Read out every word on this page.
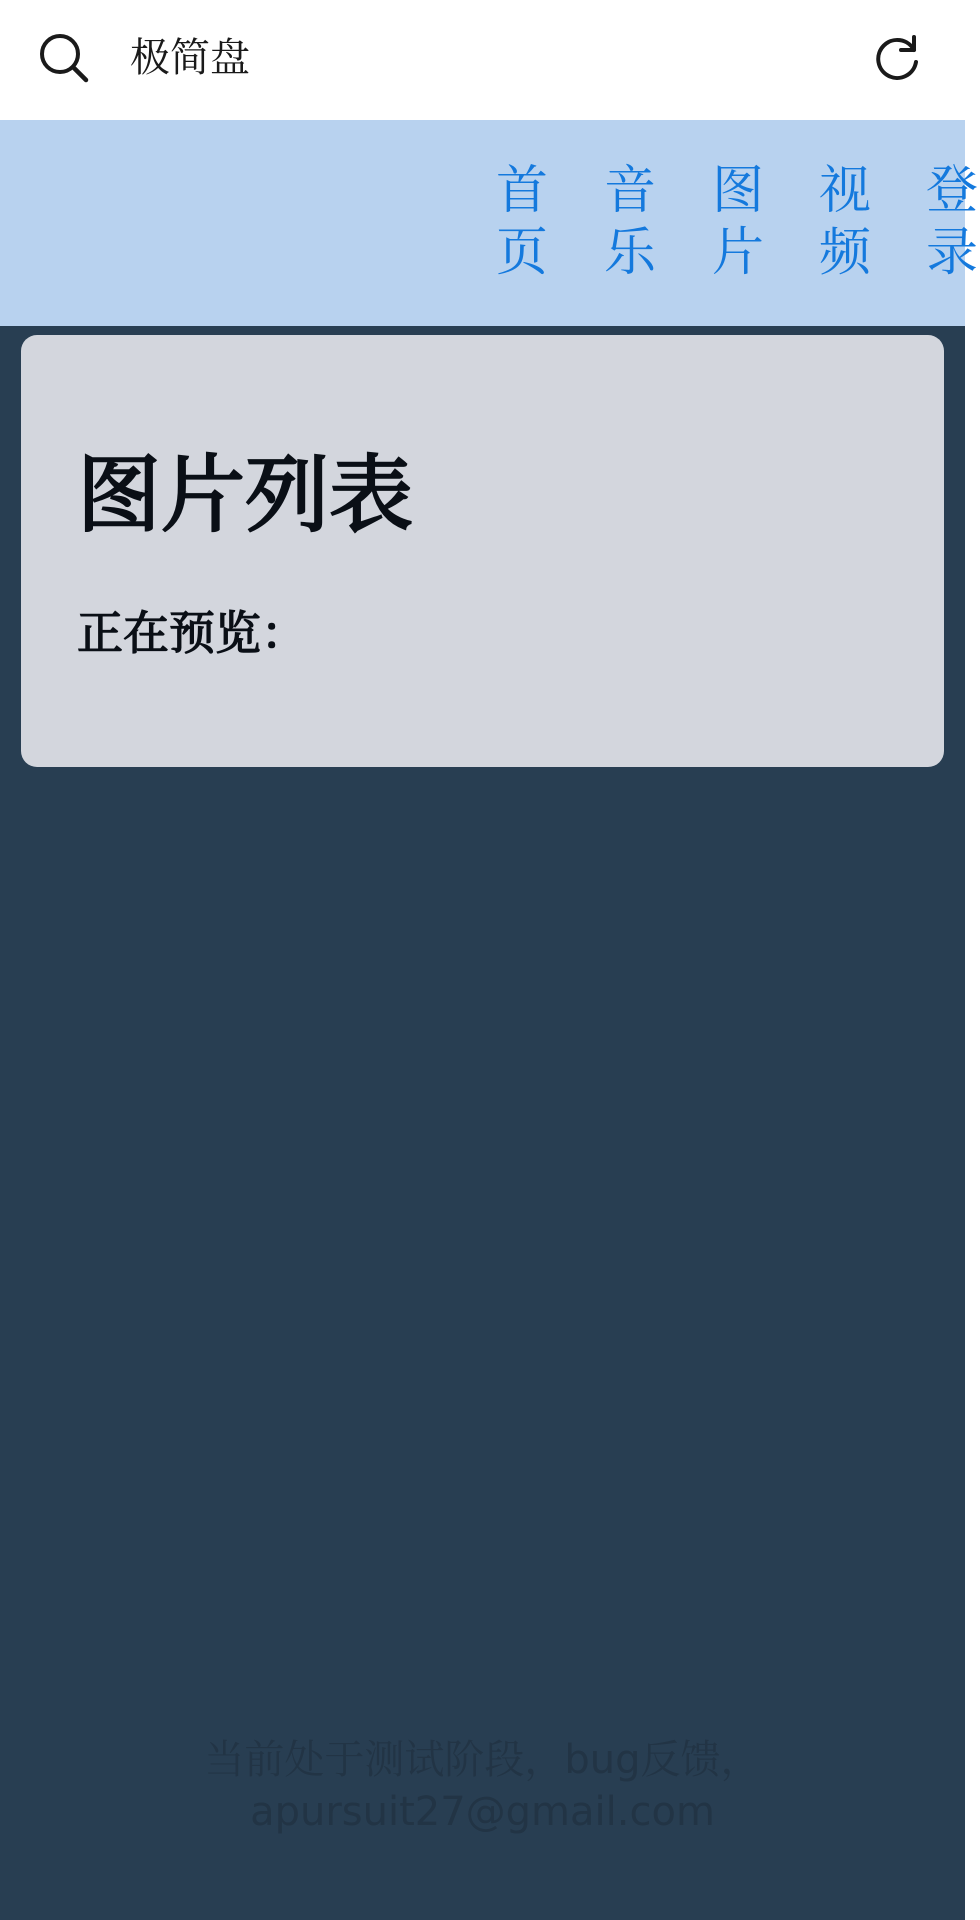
极简盘
首
页
音
乐
图
片
视
频
登
录
图片列表
正在预览：
当前处于测试阶段，bug反馈，
apursuit27@gmail.com
